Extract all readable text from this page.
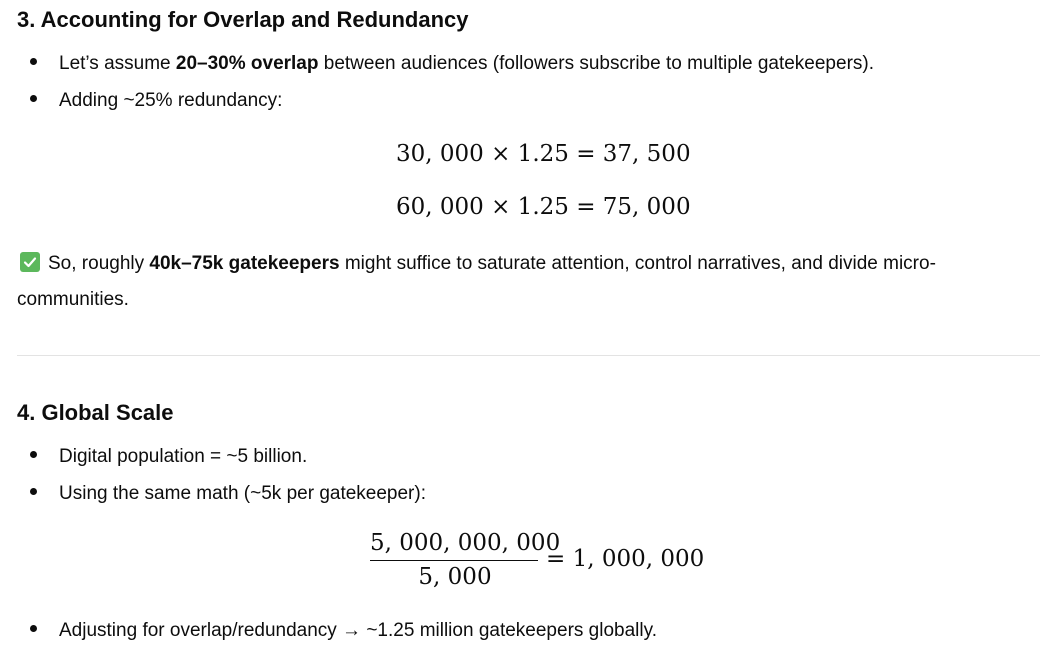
3. Accounting for Overlap and Redundancy
Let’s assume 20–30% overlap between audiences (followers subscribe to multiple gatekeepers).
Adding ~25% redundancy:
30, 000 × 1.25 = 37, 500
60, 000 × 1.25 = 75, 000
So, roughly 40k–75k gatekeepers might suffice to saturate attention, control narratives, and divide micro-communities.
4. Global Scale
Digital population = ~5 billion.
Using the same math (~5k per gatekeeper):
5, 000, 000, 000
5, 000
= 1, 000, 000
Adjusting for overlap/redundancy → ~1.25 million gatekeepers globally.
